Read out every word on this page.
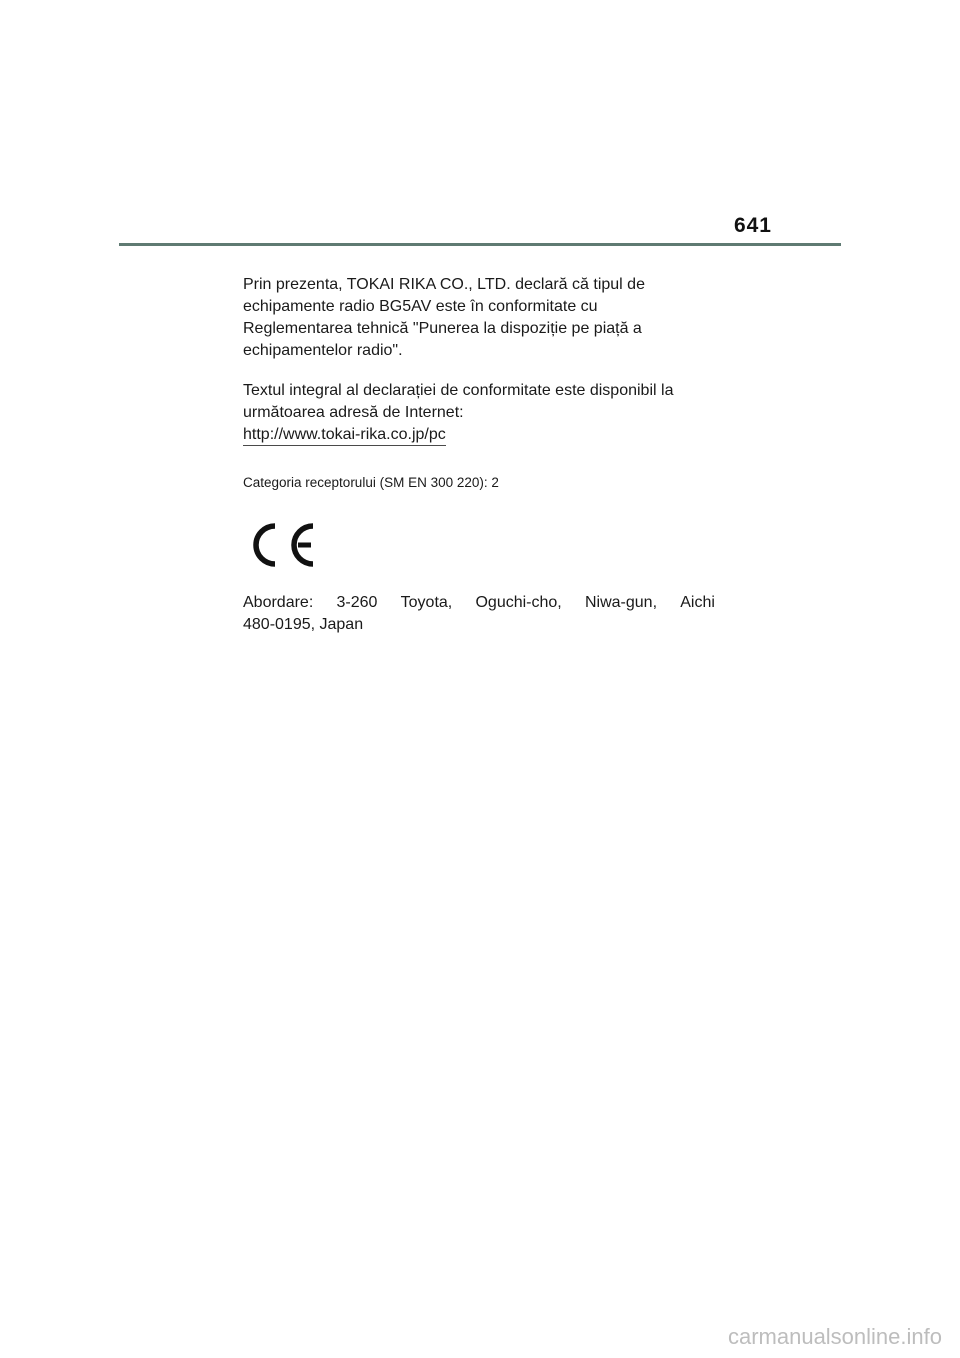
641

Prin prezenta, TOKAI RIKA CO., LTD. declară că tipul de
echipamente radio BG5AV este în conformitate cu
Reglementarea tehnică "Punerea la dispoziție pe piață a
echipamentelor radio".

Textul integral al declarației de conformitate este disponibil la
următoarea adresă de Internet:
http://www.tokai-rika.co.jp/pc

Categoria receptorului (SM EN 300 220): 2
Abordare: 3-260 Toyota, Oguchi-cho, Niwa-gun, Aichi
480-0195, Japan
carmanualsonline.info
